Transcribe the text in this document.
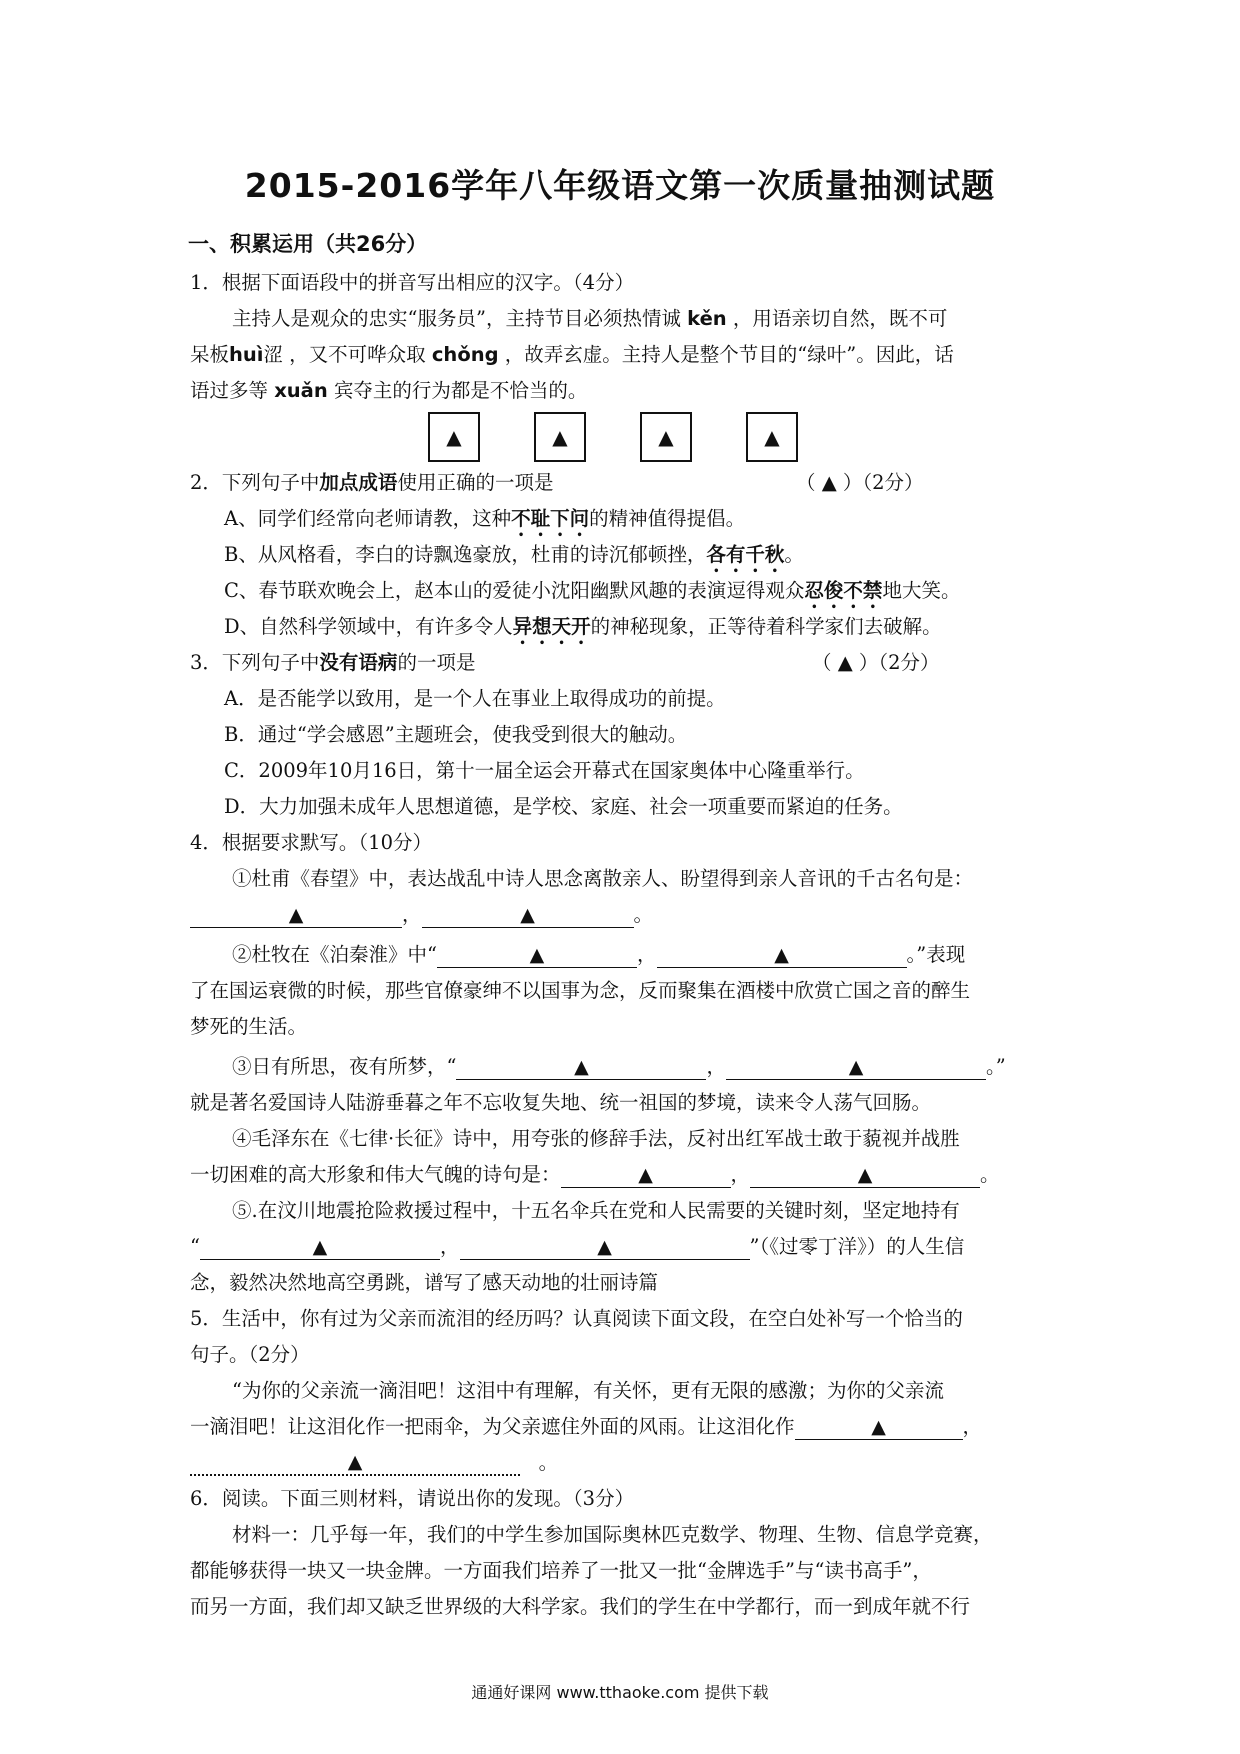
2015-2016学年八年级语文第一次质量抽测试题
一、积累运用（共26分）
1．根据下面语段中的拼音写出相应的汉字。（4分）
主持人是观众的忠实“服务员”，主持节目必须热情诚 kěn ，用语亲切自然，既不可
呆板huì涩 ，又不可哗众取 chǒng ，故弄玄虚。主持人是整个节目的“绿叶”。因此，话
语过多等 xuǎn 宾夺主的行为都是不恰当的。
▲	▲	▲	▲
2．下列句子中加点成语使用正确的一项是	（ ▲ ）（2分）
A、同学们经常向老师请教，这种不耻下问的精神值得提倡。
B、从风格看，李白的诗飘逸豪放，杜甫的诗沉郁顿挫，各有千秋。
C、春节联欢晚会上，赵本山的爱徒小沈阳幽默风趣的表演逗得观众忍俊不禁地大笑。
D、自然科学领域中，有许多令人异想天开的神秘现象，正等待着科学家们去破解。
3．下列句子中没有语病的一项是	（ ▲ ）（2分）
A．是否能学以致用，是一个人在事业上取得成功的前提。
B．通过“学会感恩”主题班会，使我受到很大的触动。
C．2009年10月16日，第十一届全运会开幕式在国家奥体中心隆重举行。
D．大力加强未成年人思想道德，是学校、家庭、社会一项重要而紧迫的任务。
4．根据要求默写。（10分）
①杜甫《春望》中，表达战乱中诗人思念离散亲人、盼望得到亲人音讯的千古名句是：
▲	，	▲	。
②杜牧在《泊秦淮》中“	▲	，	▲	。”表现
了在国运衰微的时候，那些官僚豪绅不以国事为念，反而聚集在酒楼中欣赏亡国之音的醉生
梦死的生活。
③日有所思，夜有所梦，“	▲	，	▲	。”
就是著名爱国诗人陆游垂暮之年不忘收复失地、统一祖国的梦境，读来令人荡气回肠。
④毛泽东在《七律·长征》诗中，用夸张的修辞手法，反衬出红军战士敢于藐视并战胜
一切困难的高大形象和伟大气魄的诗句是：	▲	，	▲	。
⑤.在汶川地震抢险救援过程中，十五名伞兵在党和人民需要的关键时刻，坚定地持有
“	▲	，	▲	”（《过零丁洋》）的人生信
念，毅然决然地高空勇跳，谱写了感天动地的壮丽诗篇
5．生活中，你有过为父亲而流泪的经历吗？认真阅读下面文段，在空白处补写一个恰当的
句子。（2分）
“为你的父亲流一滴泪吧！这泪中有理解，有关怀，更有无限的感激；为你的父亲流
一滴泪吧！让这泪化作一把雨伞，为父亲遮住外面的风雨。让这泪化作	▲	，
▲	。
6．阅读。下面三则材料，请说出你的发现。（3分）
材料一：几乎每一年，我们的中学生参加国际奥林匹克数学、物理、生物、信息学竞赛，
都能够获得一块又一块金牌。一方面我们培养了一批又一批“金牌选手”与“读书高手”，
而另一方面，我们却又缺乏世界级的大科学家。我们的学生在中学都行，而一到成年就不行
通通好课网 www.tthaoke.com 提供下载
